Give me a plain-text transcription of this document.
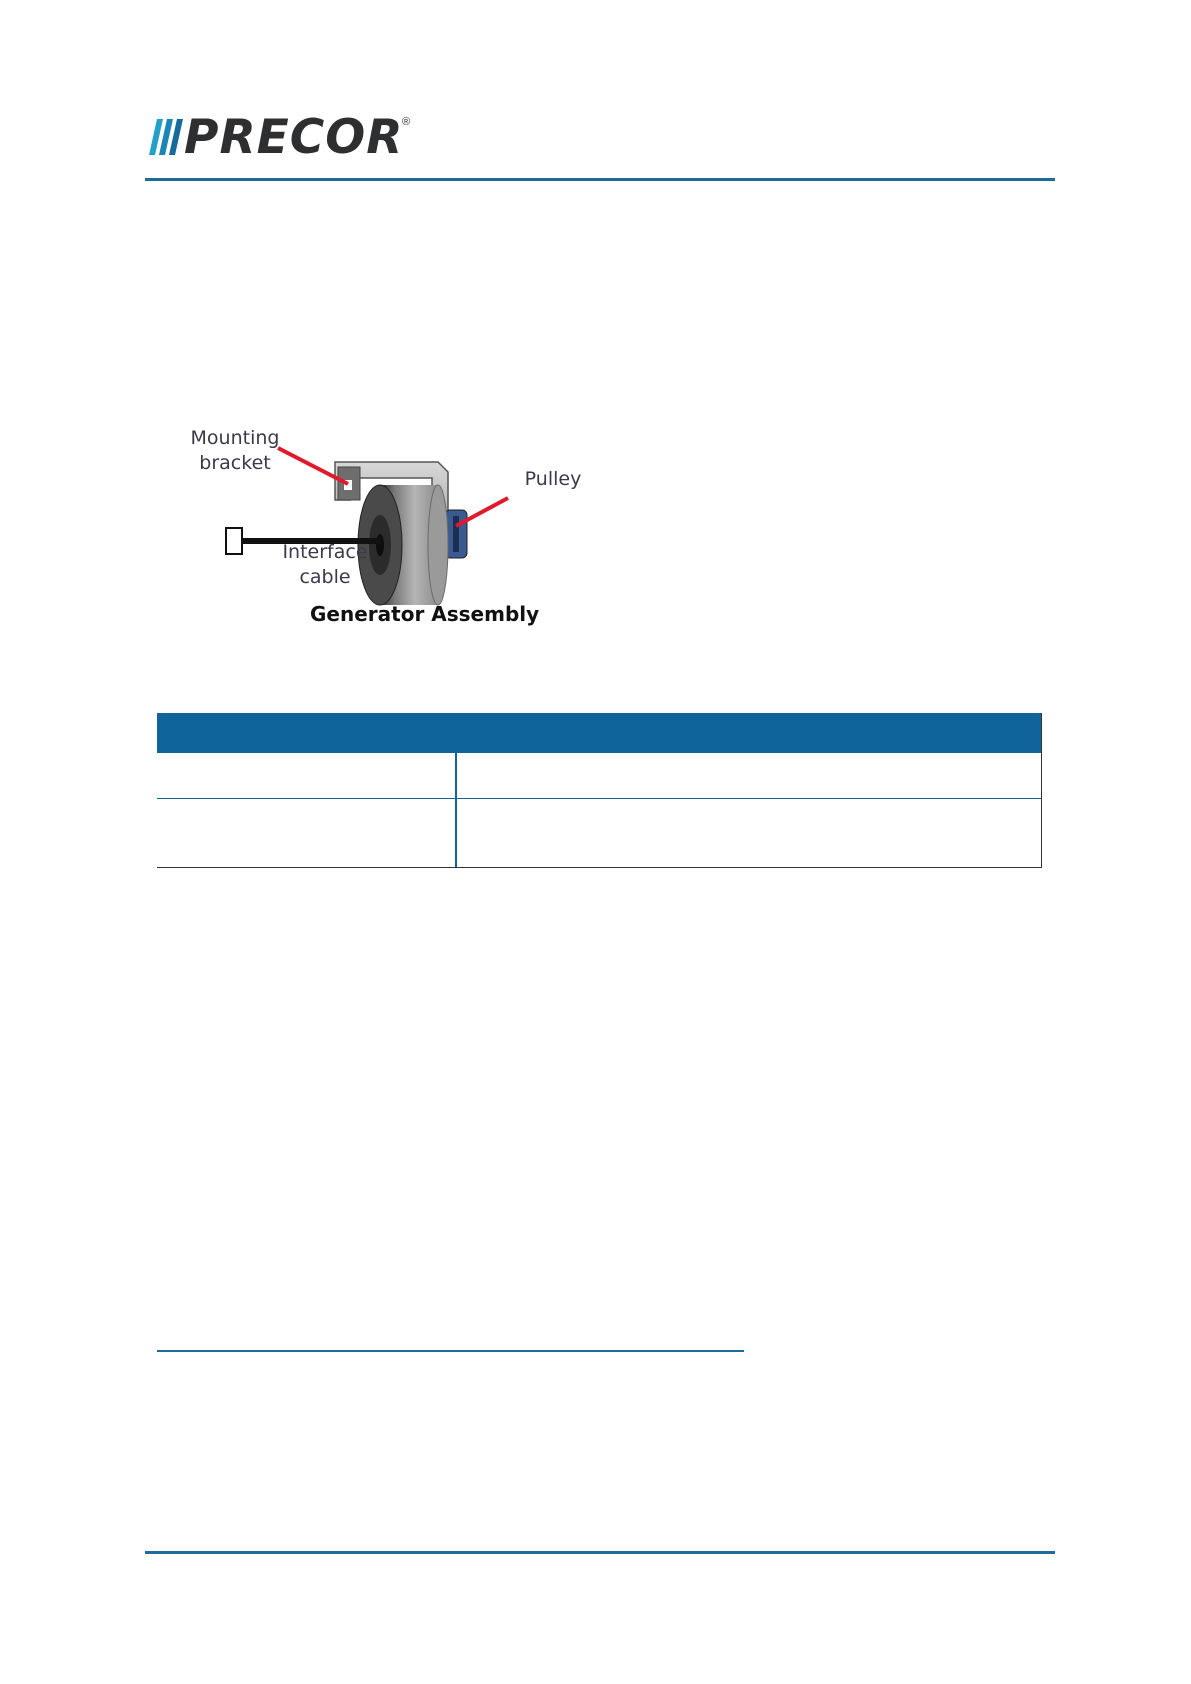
PRECOR
®
Mounting bracket
Pulley
Interface cable
Generator Assembly
